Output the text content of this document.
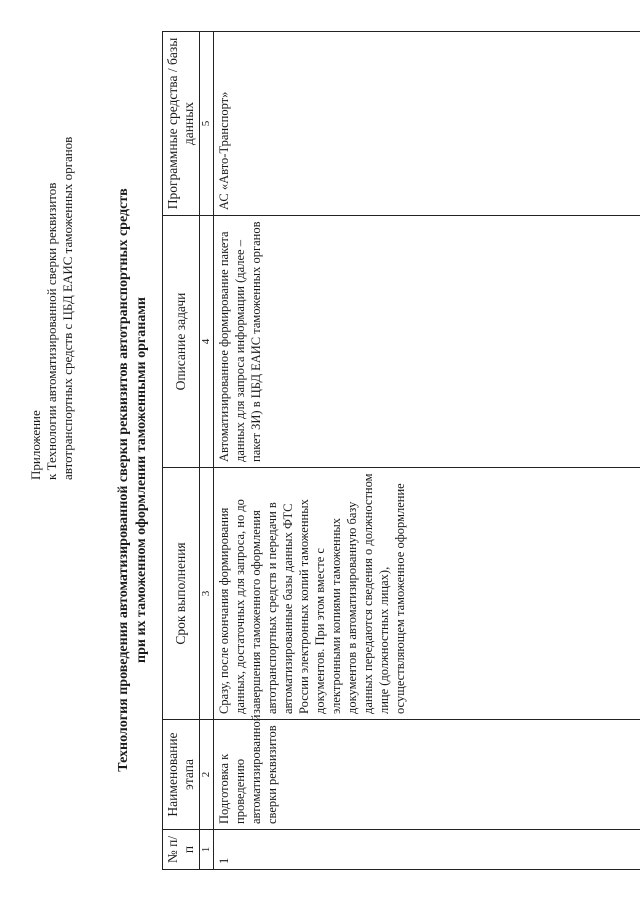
Приложение к Технологии автоматизированной сверки реквизитов автотранспортных средств с ЦБД ЕАИС таможенных органов	Технология проведения автоматизированной сверки реквизитов автотранспортных средств при их таможенном оформлении таможенными органами
№ п/п	Наименование этапа	Срок выполнения	Описание задачи	Программные средства / базы данных
1	2	3	4	5
1	Подготовка к проведению автоматизированной сверки реквизитов	Сразу, после окончания формирования данных, достаточных для запроса, но до завершения таможенного оформления автотранспортных средств и передачи в автоматизированные базы данных ФТС России электронных копий таможенных документов. При этом вместе с электронными копиями таможенных документов в автоматизированную базу данных передаются сведения о должностном лице (должностных лицах), осуществляющем таможенное оформление	Автоматизированное формирование пакета данных для запроса информации (далее – пакет ЗИ) в ЦБД ЕАИС таможенных органов	АС «Авто-Транспорт»
